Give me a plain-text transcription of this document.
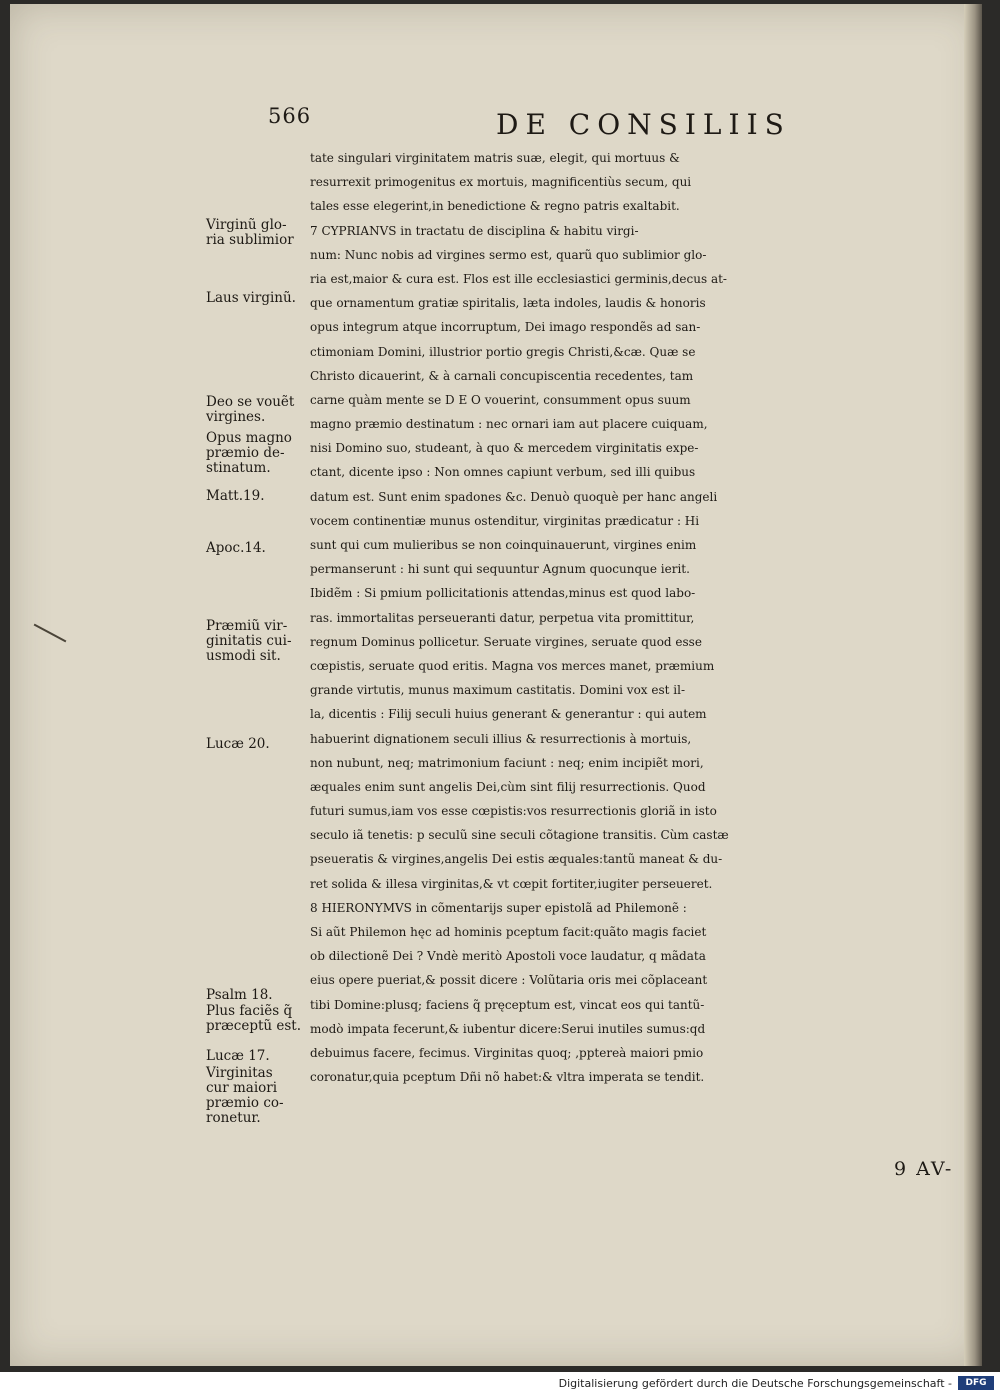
566	DE CONSILIIS
tate singulari virginitatem matris suæ, elegit, qui mortuus &
resurrexit primogenitus ex mortuis, magnificentiùs secum, qui
tales esse elegerint,in benedictione & regno patris exaltabit.
7 CYPRIANVS in tractatu de disciplina & habitu virgi-
num: Nunc nobis ad virgines sermo est, quarũ quo sublimior glo-
ria est,maior & cura est. Flos est ille ecclesiastici germinis,decus at-
que ornamentum gratiæ spiritalis, læta indoles, laudis & honoris
opus integrum atque incorruptum, Dei imago respondẽs ad san-
ctimoniam Domini, illustrior portio gregis Christi,&cæ. Quæ se
Christo dicauerint, & à carnali concupiscentia recedentes, tam
carne quàm mente se D E O vouerint, consumment opus suum
magno præmio destinatum : nec ornari iam aut placere cuiquam,
nisi Domino suo, studeant, à quo & mercedem virginitatis expe-
ctant, dicente ipso : Non omnes capiunt verbum, sed illi quibus
datum est. Sunt enim spadones &c. Denuò quoquè per hanc angeli
vocem continentiæ munus ostenditur, virginitas prædicatur : Hi
sunt qui cum mulieribus se non coinquinauerunt, virgines enim
permanserunt : hi sunt qui sequuntur Agnum quocunque ierit.
Ibidẽm : Si pmium pollicitationis attendas,minus est quod labo-
ras. immortalitas perseueranti datur, perpetua vita promittitur,
regnum Dominus pollicetur. Seruate virgines, seruate quod esse
cœpistis, seruate quod eritis. Magna vos merces manet, præmium
grande virtutis, munus maximum castitatis. Domini vox est il-
la, dicentis : Filij seculi huius generant & generantur : qui autem
habuerint dignationem seculi illius & resurrectionis à mortuis,
non nubunt, neq; matrimonium faciunt : neq; enim incipiẽt mori,
æquales enim sunt angelis Dei,cùm sint filij resurrectionis. Quod
futuri sumus,iam vos esse cœpistis:vos resurrectionis gloriã in isto
seculo iã tenetis: p seculũ sine seculi cõtagione transitis. Cùm castæ
pseueratis & virgines,angelis Dei estis æquales:tantũ maneat & du-
ret solida & illesa virginitas,& vt cœpit fortiter,iugiter perseueret.
8 HIERONYMVS in cõmentarijs super epistolã ad Philemonẽ :
Si aũt Philemon hęc ad hominis pceptum facit:quãto magis faciet
ob dilectionẽ Dei ? Vndè meritò Apostoli voce laudatur, q mãdata
eius opere pueriat,& possit dicere : Volũtaria oris mei cõplaceant
tibi Domine:plusq; faciens q̃ pręceptum est, vincat eos qui tantũ-
modò impata fecerunt,& iubentur dicere:Serui inutiles sumus:qd
debuimus facere, fecimus. Virginitas quoq; ,pptereà maiori pmio
coronatur,quia pceptum Dñi nõ habet:& vltra imperata se tendit.
Virginũ glo-
ria sublimior
Laus virginũ.
Deo se vouẽt
virgines.
Opus magno
præmio de-
stinatum.
Matt.19.
Apoc.14.
Præmiũ vir-
ginitatis cui-
usmodi sit.
Lucæ 20.
Psalm 18.
Plus faciẽs q̃
præceptũ est.
Lucæ 17.
Virginitas
cur maiori
præmio co-
ronetur.
9 AV-
Digitalisierung gefördert durch die Deutsche Forschungsgemeinschaft -	DFG
